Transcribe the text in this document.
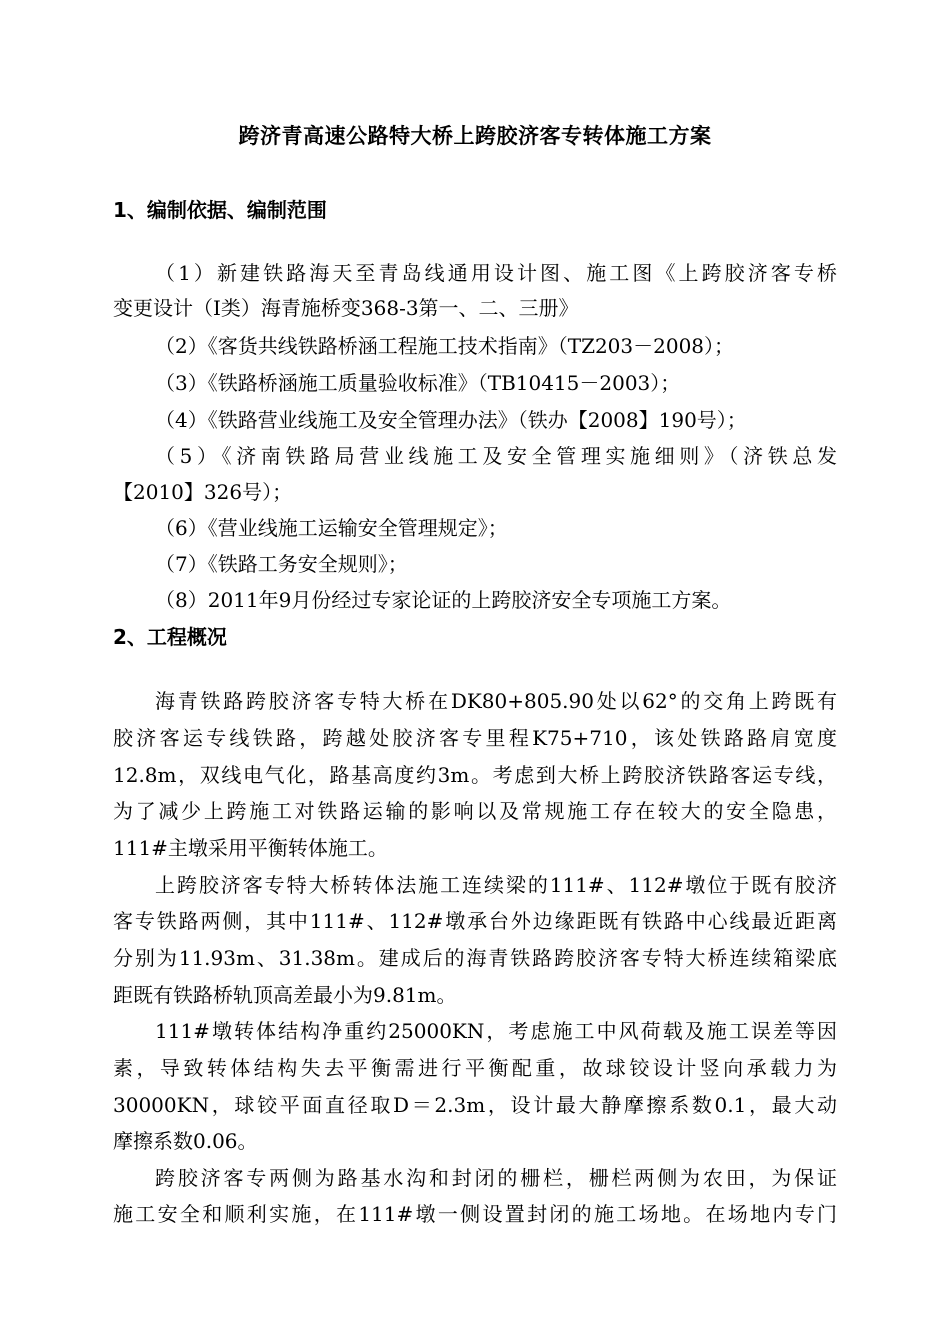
跨济青高速公路特大桥上跨胶济客专转体施工方案
1、编制依据、编制范围
（1）新建铁路海天至青岛线通用设计图、施工图《上跨胶济客专桥
变更设计（Ⅰ类）海青施桥变368-3第一、二、三册》
（2）《客货共线铁路桥涵工程施工技术指南》（TZ203－2008）；
（3）《铁路桥涵施工质量验收标准》（TB10415－2003）；
（4）《铁路营业线施工及安全管理办法》（铁办【2008】190号）；
（5）《济南铁路局营业线施工及安全管理实施细则》（济铁总发
【2010】326号）；
（6）《营业线施工运输安全管理规定》；
（7）《铁路工务安全规则》；
（8）2011年9月份经过专家论证的上跨胶济安全专项施工方案。
2、工程概况
海青铁路跨胶济客专特大桥在DK80+805.90处以62°的交角上跨既有
胶济客运专线铁路，跨越处胶济客专里程K75+710，该处铁路路肩宽度
12.8m，双线电气化，路基高度约3m。考虑到大桥上跨胶济铁路客运专线，
为了减少上跨施工对铁路运输的影响以及常规施工存在较大的安全隐患，
111#主墩采用平衡转体施工。
上跨胶济客专特大桥转体法施工连续梁的111#、112#墩位于既有胶济
客专铁路两侧，其中111#、112#墩承台外边缘距既有铁路中心线最近距离
分别为11.93m、31.38m。建成后的海青铁路跨胶济客专特大桥连续箱梁底
距既有铁路桥轨顶高差最小为9.81m。
111#墩转体结构净重约25000KN，考虑施工中风荷载及施工误差等因
素，导致转体结构失去平衡需进行平衡配重，故球铰设计竖向承载力为
30000KN，球铰平面直径取D＝2.3m，设计最大静摩擦系数0.1，最大动
摩擦系数0.06。
跨胶济客专两侧为路基水沟和封闭的栅栏，栅栏两侧为农田，为保证
施工安全和顺利实施，在111#墩一侧设置封闭的施工场地。在场地内专门
